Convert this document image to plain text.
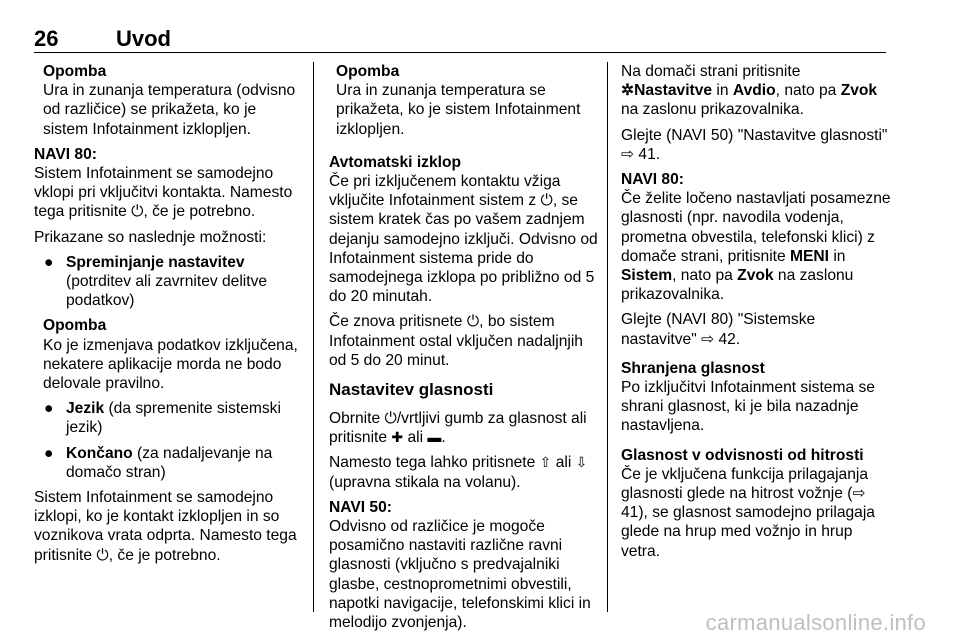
26	Uvod
Opomba
Ura in zunanja temperatura (odvisno od različice) se prikažeta, ko je sistem Infotainment izklopljen.
NAVI 80:

Sistem Infotainment se samodejno vklopi pri vključitvi kontakta. Namesto tega pritisnite ⏻, če je potrebno.

Prikazane so naslednje možnosti:

● Spreminjanje nastavitev
(potrditev ali zavrnitev delitve podatkov)
Opomba
Ko je izmenjava podatkov izključena, nekatere aplikacije morda ne bodo delovale pravilno.
● Jezik (da spremenite sistemski jezik)
● Končano (za nadaljevanje na domačo stran)

Sistem Infotainment se samodejno izklopi, ko je kontakt izklopljen in so voznikova vrata odprta. Namesto tega pritisnite ⏻, če je potrebno.

Opomba
Ura in zunanja temperatura se prikažeta, ko je sistem Infotainment izklopljen.
Avtomatski izklop

Če pri izključenem kontaktu vžiga vključite Infotainment sistem z ⏻, se sistem kratek čas po vašem zadnjem dejanju samodejno izključi. Odvisno od Infotainment sistema pride do samodejnega izklopa po približno od 5 do 20 minutah.

Če znova pritisnete ⏻, bo sistem Infotainment ostal vključen nadaljnjih od 5 do 20 minut.

Nastavitev glasnosti

Obrnite ⏻/vrtljivi gumb za glasnost ali pritisnite ✚ ali ▬.

Namesto tega lahko pritisnete ⇧ ali ⇩ (upravna stikala na volanu).

NAVI 50:

Odvisno od različice je mogoče posamično nastaviti različne ravni glasnosti (vključno s predvajalniki glasbe, cestnoprometnimi obvestili, napotki navigacije, telefonskimi klici in melodijo zvonjenja).

Na domači strani pritisnite ✲Nastavitve in Avdio, nato pa Zvok na zaslonu prikazovalnika.

Glejte (NAVI 50) "Nastavitve glasnosti" ⇨ 41.

NAVI 80:

Če želite ločeno nastavljati posamezne glasnosti (npr. navodila vodenja, prometna obvestila, telefonski klici) z domače strani, pritisnite MENI in Sistem, nato pa Zvok na zaslonu prikazovalnika.

Glejte (NAVI 80) "Sistemske nastavitve" ⇨ 42.

Shranjena glasnost

Po izključitvi Infotainment sistema se shrani glasnost, ki je bila nazadnje nastavljena.

Glasnost v odvisnosti od hitrosti

Če je vključena funkcija prilagajanja glasnosti glede na hitrost vožnje (⇨ 41), se glasnost samodejno prilagaja glede na hrup med vožnjo in hrup vetra.

carmanualsonline.info
